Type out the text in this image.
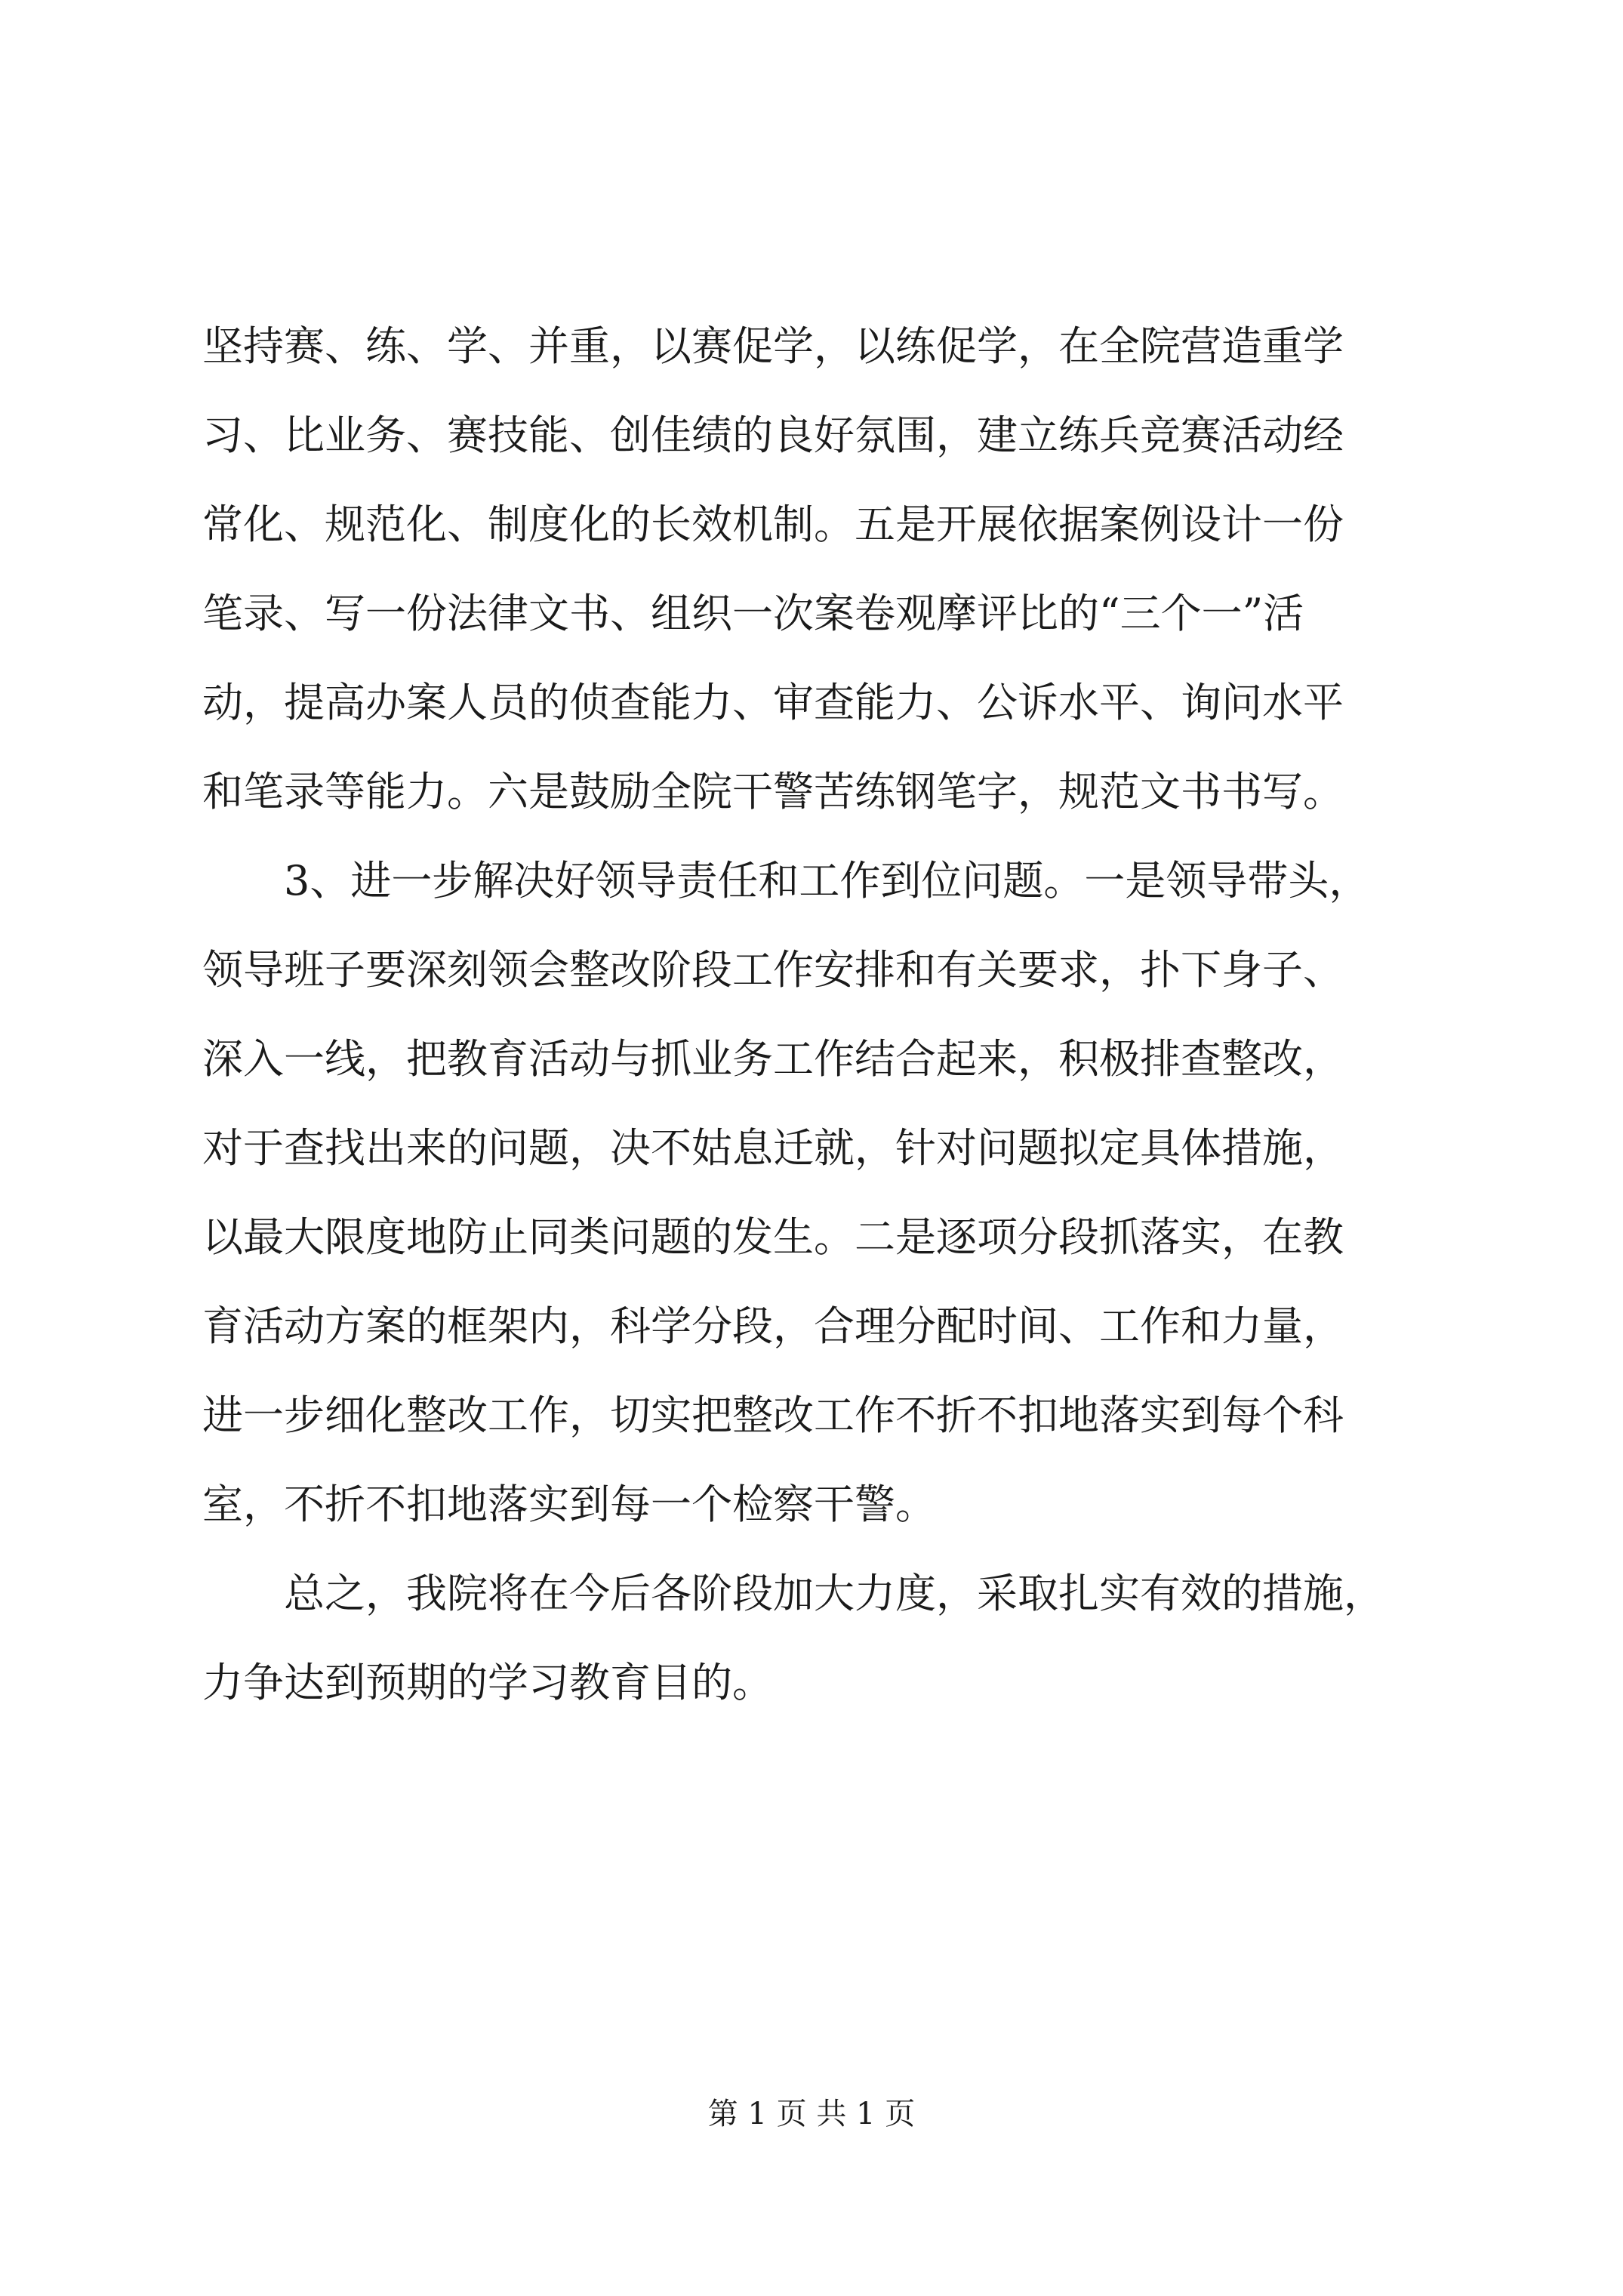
坚持赛、练、学、并重，以赛促学，以练促学，在全院营造重学
习、比业务、赛技能、创佳绩的良好氛围，建立练兵竞赛活动经
常化、规范化、制度化的长效机制。五是开展依据案例设计一份
笔录、写一份法律文书、组织一次案卷观摩评比的“三个一”活
动，提高办案人员的侦查能力、审查能力、公诉水平、询问水平
和笔录等能力。六是鼓励全院干警苦练钢笔字，规范文书书写。
3、进一步解决好领导责任和工作到位问题。一是领导带头，
领导班子要深刻领会整改阶段工作安排和有关要求，扑下身子、
深入一线，把教育活动与抓业务工作结合起来，积极排查整改，
对于查找出来的问题，决不姑息迁就，针对问题拟定具体措施，
以最大限度地防止同类问题的发生。二是逐项分段抓落实，在教
育活动方案的框架内，科学分段，合理分配时间、工作和力量，
进一步细化整改工作，切实把整改工作不折不扣地落实到每个科
室，不折不扣地落实到每一个检察干警。
总之，我院将在今后各阶段加大力度，采取扎实有效的措施，
力争达到预期的学习教育目的。
第 1 页 共 1 页
